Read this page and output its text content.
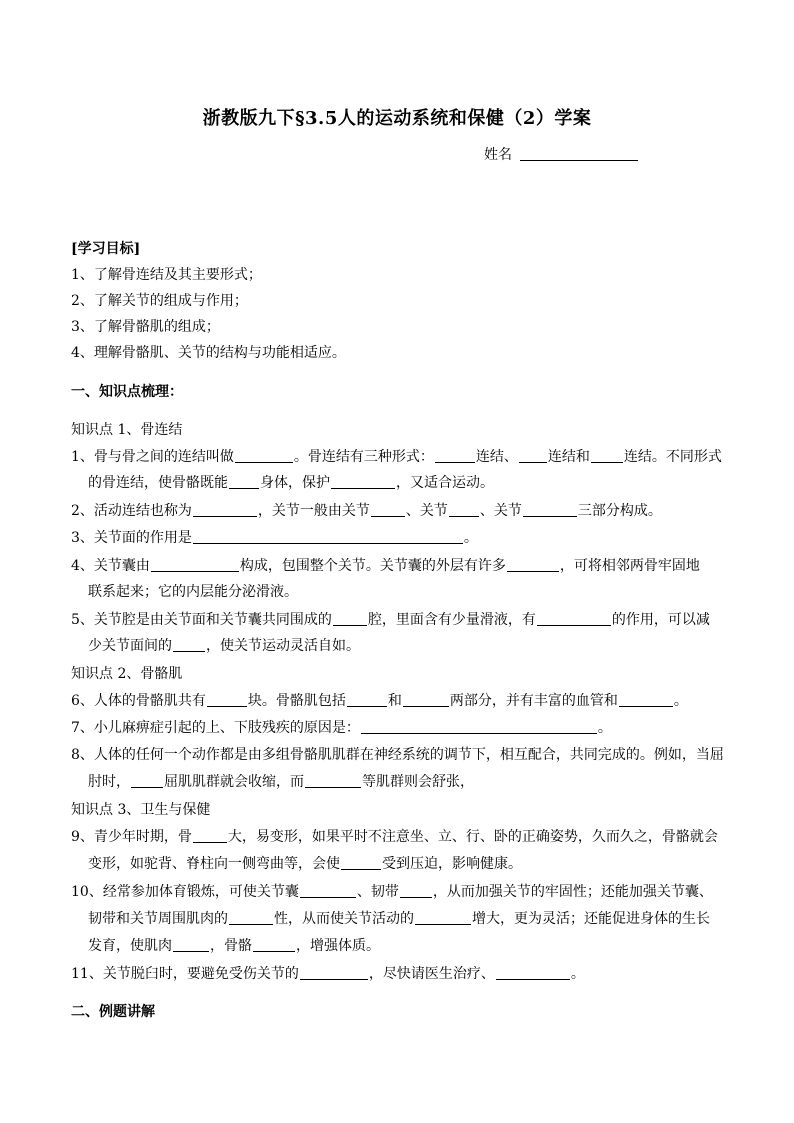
浙教版九下§3.5人的运动系统和保健（2）学案
姓名
[学习目标]
1、了解骨连结及其主要形式；
2、了解关节的组成与作用；
3、了解骨骼肌的组成；
4、理解骨骼肌、关节的结构与功能相适应。
一、知识点梳理：
知识点 1、骨连结
1、骨与骨之间的连结叫做	。骨连结有三种形式：	连结、 连结和 连结。不同形式
的骨连结，使骨骼既能 身体，保护	，又适合运动。
2、活动连结也称为	，关节一般由关节	、关节 、关节	三部分构成。
3、关节面的作用是	。
4、关节囊由	构成，包围整个关节。关节囊的外层有许多	，可将相邻两骨牢固地
联系起来；它的内层能分泌滑液。
5、关节腔是由关节面和关节囊共同围成的	腔，里面含有少量滑液，有	的作用，可以减
少关节面间的 ，使关节运动灵活自如。
知识点 2、骨骼肌
6、人体的骨骼肌共有	块。骨骼肌包括	和	两部分，并有丰富的血管和	。
7、小儿麻痹症引起的上、下肢残疾的原因是：	。
8、人体的任何一个动作都是由多组骨骼肌肌群在神经系统的调节下，相互配合，共同完成的。例如，当屈
肘时， 屈肌肌群就会收缩，而	等肌群则会舒张，
知识点 3、卫生与保健
9、青少年时期，骨	大，易变形，如果平时不注意坐、立、行、卧的正确姿势，久而久之，骨骼就会
变形，如驼背、脊柱向一侧弯曲等，会使	受到压迫，影响健康。
10、经常参加体育锻炼，可使关节囊	、韧带 ，从而加强关节的牢固性；还能加强关节囊、
韧带和关节周围肌肉的	性，从而使关节活动的	增大，更为灵活；还能促进身体的生长
发育，使肌肉	，骨骼	，增强体质。
11、关节脱臼时，要避免受伤关节的	，尽快请医生治疗、	。
二、例题讲解
